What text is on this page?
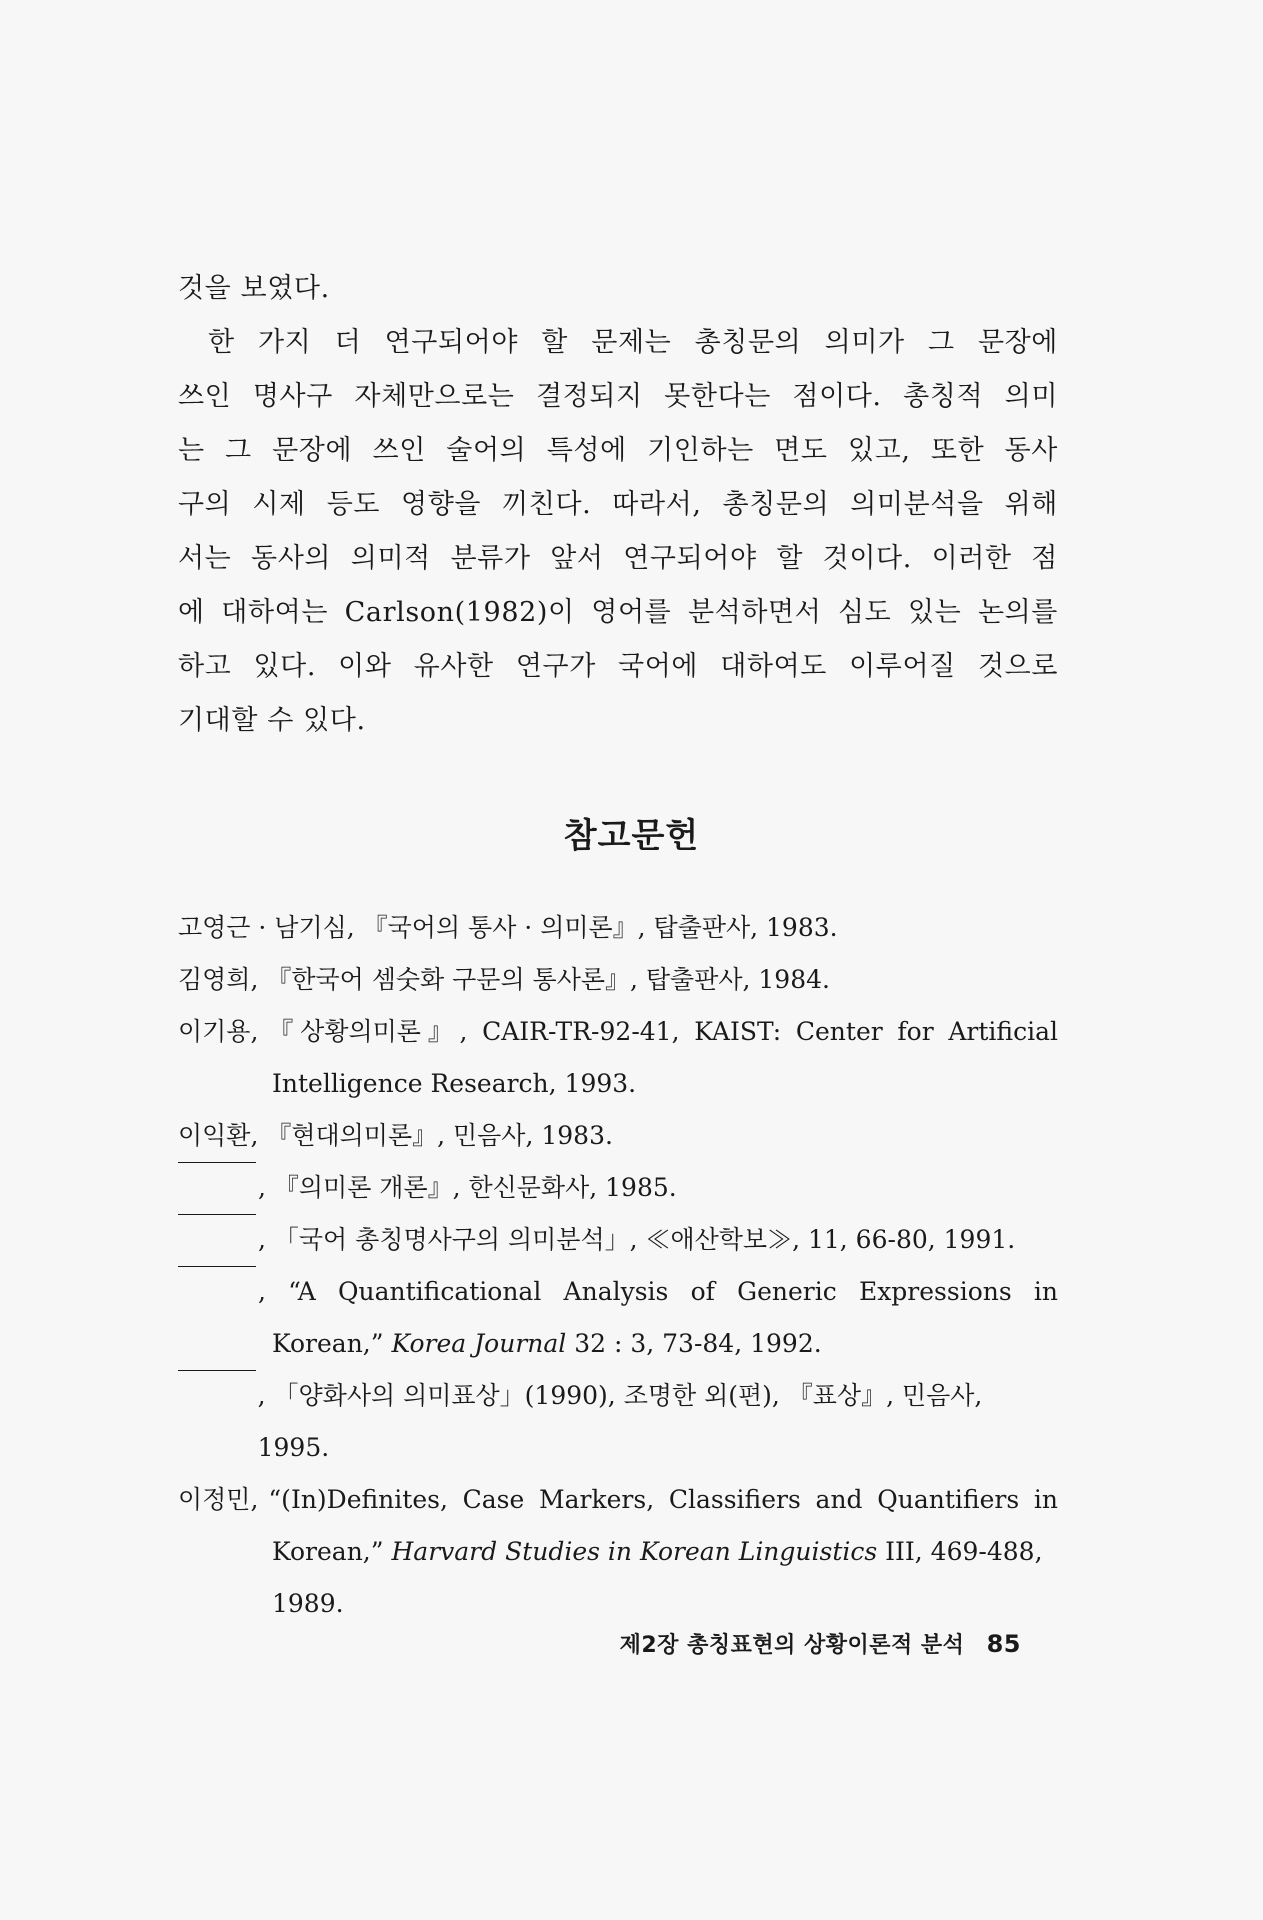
것을 보였다.
한 가지 더 연구되어야 할 문제는 총칭문의 의미가 그 문장에
쓰인 명사구 자체만으로는 결정되지 못한다는 점이다. 총칭적 의미
는 그 문장에 쓰인 술어의 특성에 기인하는 면도 있고, 또한 동사
구의 시제 등도 영향을 끼친다. 따라서, 총칭문의 의미분석을 위해
서는 동사의 의미적 분류가 앞서 연구되어야 할 것이다. 이러한 점
에 대하여는 Carlson(1982)이 영어를 분석하면서 심도 있는 논의를
하고 있다. 이와 유사한 연구가 국어에 대하여도 이루어질 것으로
기대할 수 있다.
참고문헌
고영근 · 남기심, 『국어의 통사 · 의미론』, 탑출판사, 1983.
김영희, 『한국어 셈숫화 구문의 통사론』, 탑출판사, 1984.
이기용, 『상황의미론』, CAIR-TR-92-41, KAIST: Center for Artificial
Intelligence Research, 1993.
이익환, 『현대의미론』, 민음사, 1983.
, 『의미론 개론』, 한신문화사, 1985.
, 「국어 총칭명사구의 의미분석」, ≪애산학보≫, 11, 66-80, 1991.
, “A Quantificational Analysis of Generic Expressions in
Korean,” Korea Journal 32 : 3, 73-84, 1992.
, 「양화사의 의미표상」(1990), 조명한 외(편), 『표상』, 민음사, 1995.
이정민, “(In)Definites, Case Markers, Classifiers and Quantifiers in
Korean,” Harvard Studies in Korean Linguistics III, 469-488,
1989.
제2장 총칭표현의 상황이론적 분석 85
